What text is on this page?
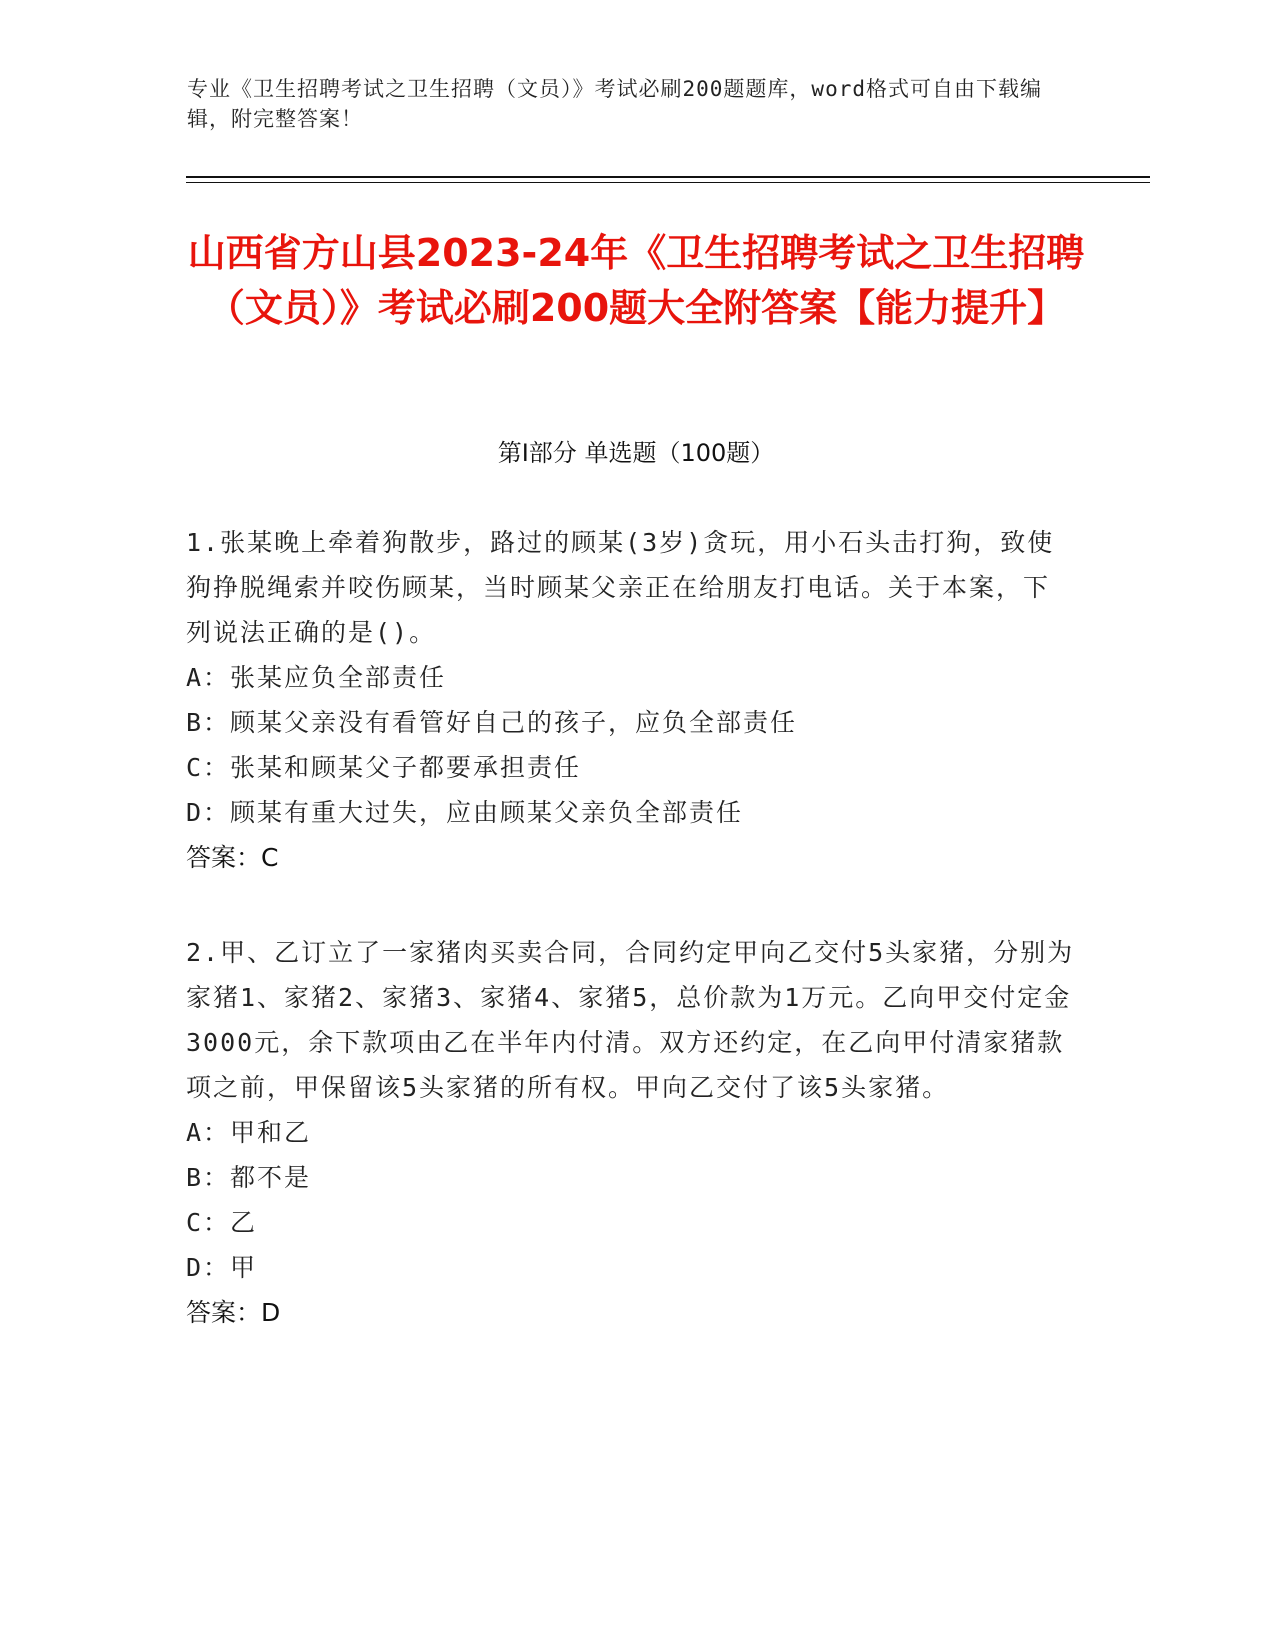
专业《卫生招聘考试之卫生招聘（文员）》考试必刷200题题库，word格式可自由下载编辑，附完整答案！
山西省方山县2023-24年《卫生招聘考试之卫生招聘（文员）》考试必刷200题大全附答案【能力提升】
第Ⅰ部分 单选题（100题）

1.张某晚上牵着狗散步，路过的顾某(3岁)贪玩，用小石头击打狗，致使狗挣脱绳索并咬伤顾某，当时顾某父亲正在给朋友打电话。关于本案，下列说法正确的是()。

A：张某应负全部责任

B：顾某父亲没有看管好自己的孩子，应负全部责任

C：张某和顾某父子都要承担责任

D：顾某有重大过失，应由顾某父亲负全部责任

答案：C

2.甲、乙订立了一家猪肉买卖合同，合同约定甲向乙交付5头家猪，分别为家猪1、家猪2、家猪3、家猪4、家猪5，总价款为1万元。乙向甲交付定金3000元，余下款项由乙在半年内付清。双方还约定，在乙向甲付清家猪款项之前，甲保留该5头家猪的所有权。甲向乙交付了该5头家猪。

A：甲和乙

B：都不是

C：乙

D：甲

答案：D
